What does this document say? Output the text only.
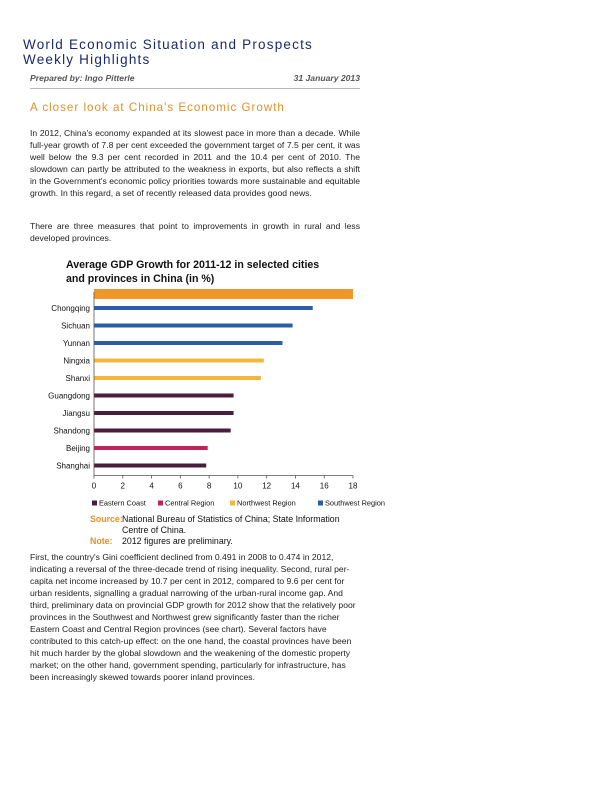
World Economic Situation and Prospects
Weekly Highlights
Prepared by: Ingo Pitterle	31 January 2013
A closer look at China's Economic Growth
In 2012, China's economy expanded at its slowest pace in more than a decade. While full-year growth of 7.8 per cent exceeded the government target of 7.5 per cent, it was well below the 9.3 per cent recorded in 2011 and the 10.4 per cent of 2010. The slowdown can partly be attributed to the weakness in exports, but also reflects a shift in the Government's economic policy priorities towards more sustainable and equitable growth. In this regard, a set of recently released data provides good news.
There are three measures that point to improvements in growth in rural and less developed provinces.
Average GDP Growth for 2011-12 in selected cities
and provinces in China (in %)
Chongqing
Sichuan
Yunnan
Ningxia
Shanxi
Guangdong
Jiangsu
Shandong
Beijing
Shanghai
0	2	4	6	8	10 12 14 16 18
Eastern Coast	Central Region	Northwest Region	Southwest Region
Source:National Bureau of Statistics of China; State Information
Centre of China.
Note: 2012 figures are preliminary.
First, the country's Gini coefficient declined from 0.491 in 2008 to 0.474 in 2012, indicating a reversal of the three-decade trend of rising inequality. Second, rural per-capita net income increased by 10.7 per cent in 2012, compared to 9.6 per cent for urban residents, signalling a gradual narrowing of the urban-rural income gap. And third, preliminary data on provincial GDP growth for 2012 show that the relatively poor provinces in the Southwest and Northwest grew significantly faster than the richer Eastern Coast and Central Region provinces (see chart). Several factors have contributed to this catch-up effect: on the one hand, the coastal provinces have been hit much harder by the global slowdown and the weakening of the domestic property market; on the other hand, government spending, particularly for infrastructure, has been increasingly skewed towards poorer inland provinces.
